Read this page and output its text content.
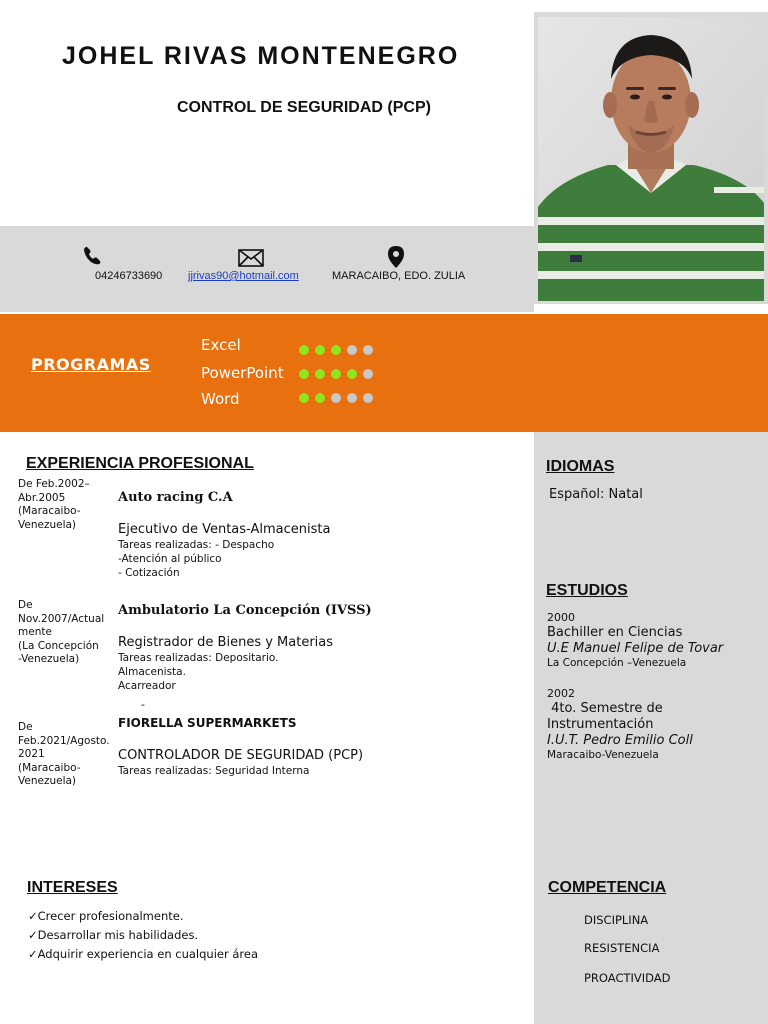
JOHEL RIVAS MONTENEGRO
CONTROL DE SEGURIDAD (PCP)
04246733690 jjrivas90@hotmail.com	MARACAIBO, EDO. ZULIA
PROGRAMAS
Excel
PowerPoint
Word
EXPERIENCIA PROFESIONAL
De Feb.2002–
Abr.2005
(Maracaibo-
Venezuela)
Auto racing C.A
Ejecutivo de Ventas-Almacenista
Tareas realizadas: - Despacho
-Atención al público
- Cotización
De
Nov.2007/Actual
mente
(La Concepción
-Venezuela)
Ambulatorio La Concepción (IVSS)
Registrador de Bienes y Materias
Tareas realizadas: Depositario.
Almacenista.
Acarreador
-
De
Feb.2021/Agosto.
2021
(Maracaibo-
Venezuela)
FIORELLA SUPERMARKETS
CONTROLADOR DE SEGURIDAD (PCP)
Tareas realizadas: Seguridad Interna
IDIOMAS
Español: Natal
ESTUDIOS
2000
Bachiller en Ciencias
U.E Manuel Felipe de Tovar
La Concepción –Venezuela
2002
4to. Semestre de
Instrumentación
I.U.T. Pedro Emilio Coll
Maracaibo-Venezuela
INTERESES
✓Crecer profesionalmente.
✓Desarrollar mis habilidades.
✓Adquirir experiencia en cualquier área
COMPETENCIA
DISCIPLINA
RESISTENCIA
PROACTIVIDAD
